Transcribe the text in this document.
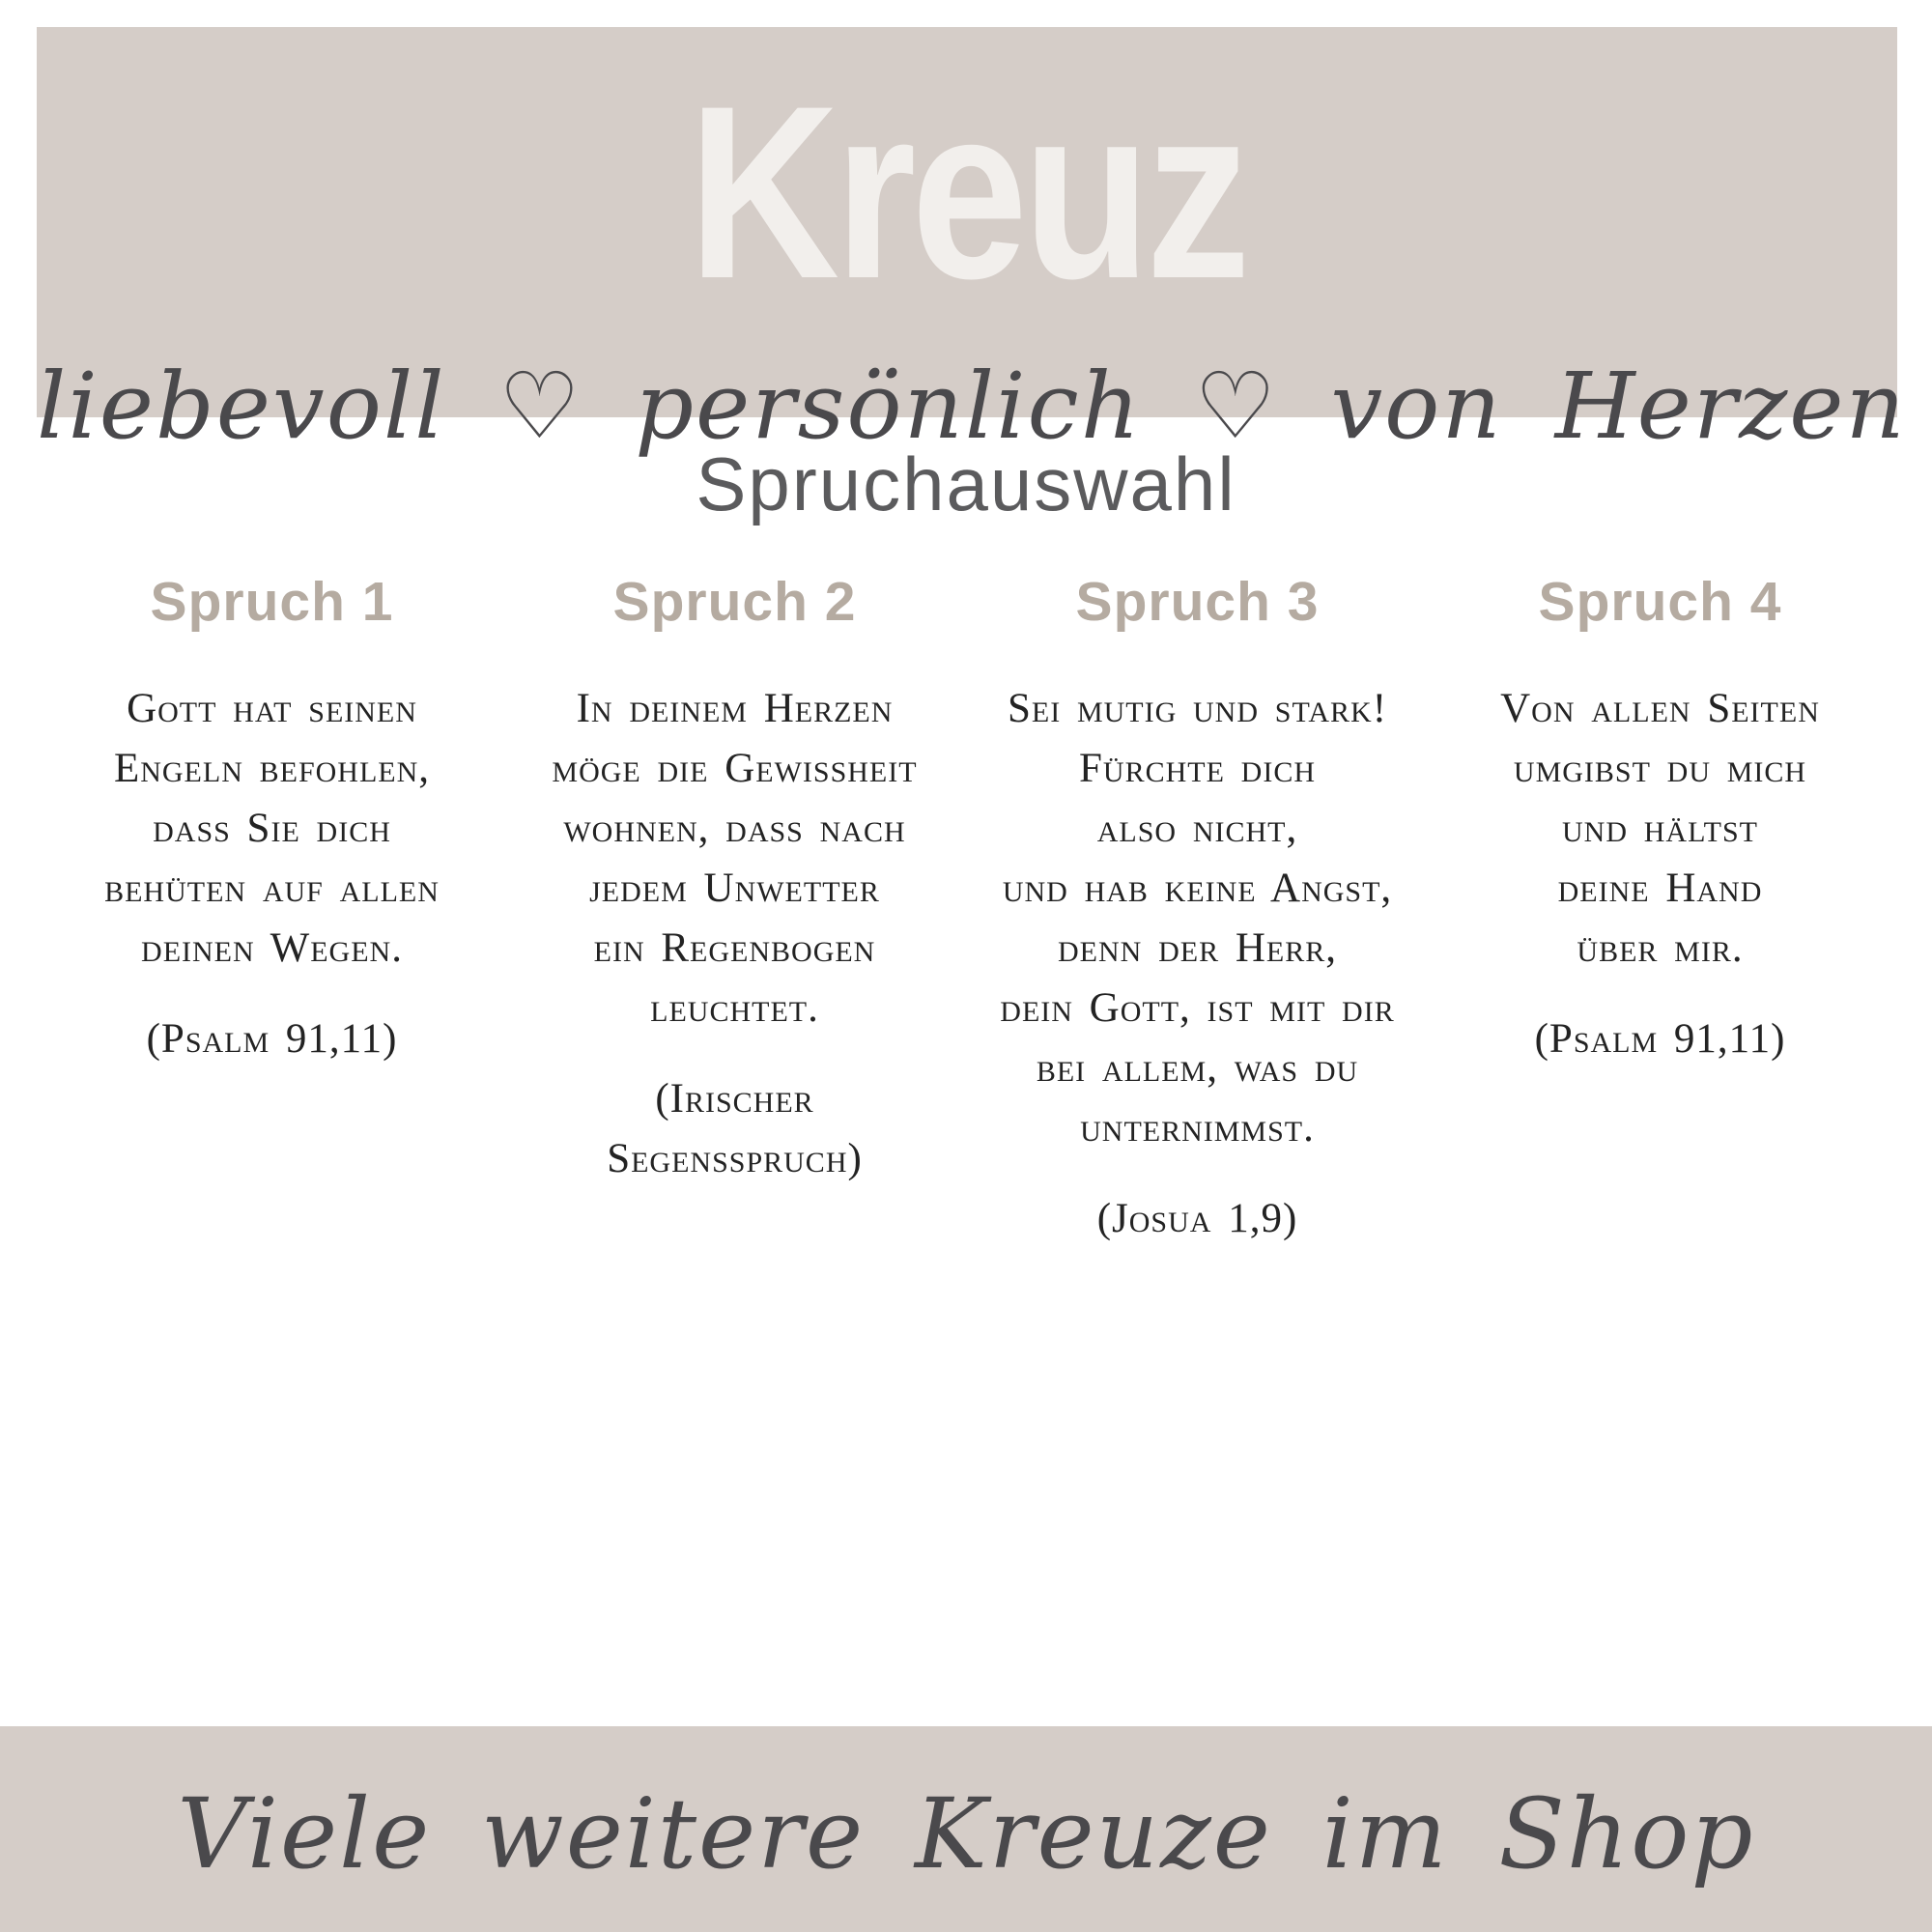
Kreuz
liebevoll ♡ persönlich ♡ von Herzen
Spruchauswahl
Spruch 1
Gott hat seinen
Engeln befohlen,
dass Sie dich
behüten auf allen
deinen Wegen.
(Psalm 91,11)
Spruch 2
In deinem Herzen
möge die Gewissheit
wohnen, dass nach
jedem Unwetter
ein Regenbogen
leuchtet.
(Irischer
Segensspruch)
Spruch 3
Sei mutig und stark!
Fürchte dich
also nicht,
und hab keine Angst,
denn der Herr,
dein Gott, ist mit dir
bei allem, was du
unternimmst.
(Josua 1,9)
Spruch 4
Von allen Seiten
umgibst du mich
und hältst
deine Hand
über mir.
(Psalm 91,11)
Viele weitere Kreuze im Shop
